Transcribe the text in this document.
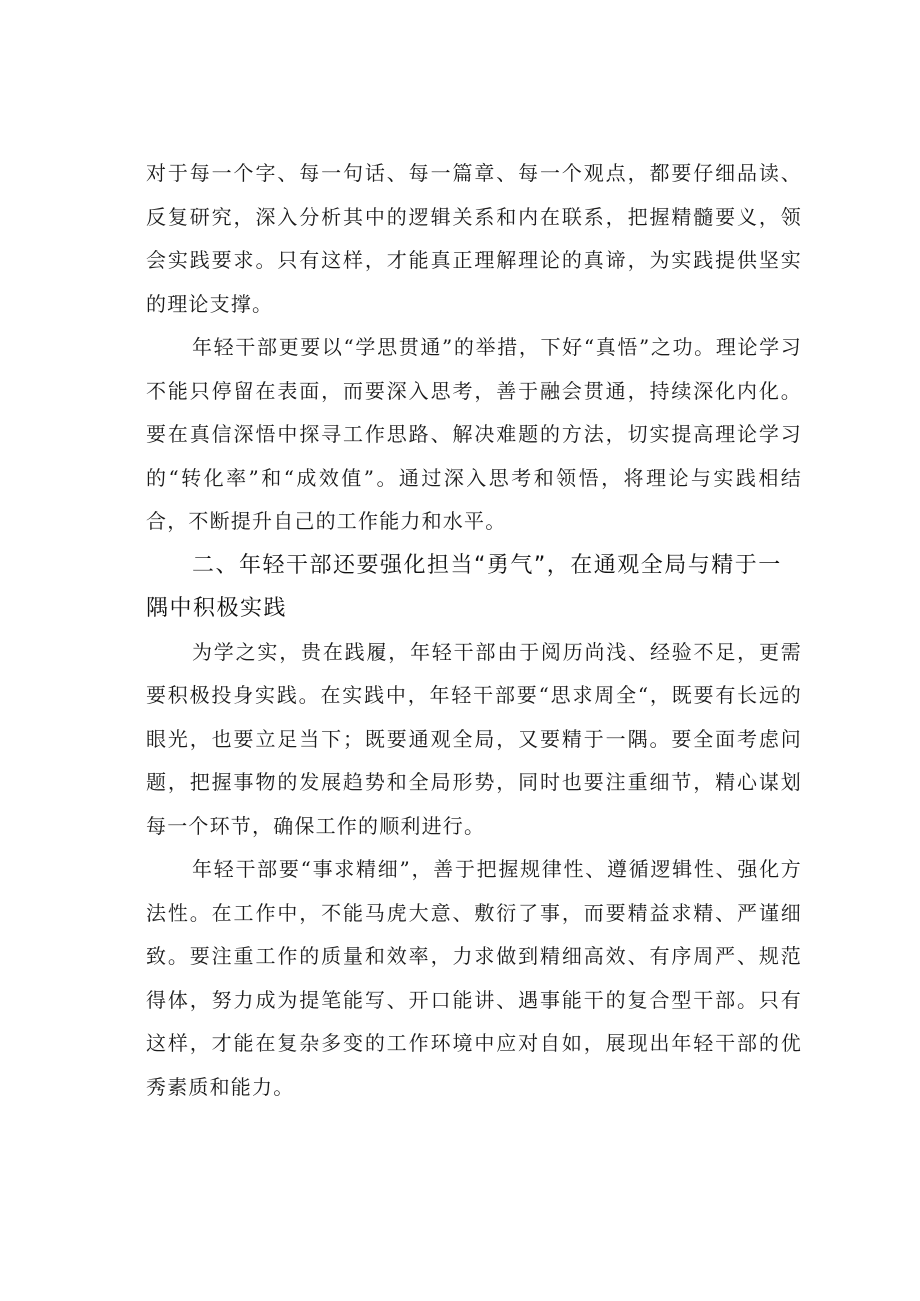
对于每一个字、每一句话、每一篇章、每一个观点，都要仔细品读、反复研究，深入分析其中的逻辑关系和内在联系，把握精髓要义，领会实践要求。只有这样，才能真正理解理论的真谛，为实践提供坚实的理论支撑。

年轻干部更要以“学思贯通”的举措，下好“真悟”之功。理论学习不能只停留在表面，而要深入思考，善于融会贯通，持续深化内化。要在真信深悟中探寻工作思路、解决难题的方法，切实提高理论学习的“转化率”和“成效值”。通过深入思考和领悟，将理论与实践相结合，不断提升自己的工作能力和水平。

二、年轻干部还要强化担当“勇气”，在通观全局与精于一隅中积极实践

为学之实，贵在践履，年轻干部由于阅历尚浅、经验不足，更需要积极投身实践。在实践中，年轻干部要“思求周全“，既要有长远的眼光，也要立足当下；既要通观全局，又要精于一隅。要全面考虑问题，把握事物的发展趋势和全局形势，同时也要注重细节，精心谋划每一个环节，确保工作的顺利进行。

年轻干部要“事求精细”，善于把握规律性、遵循逻辑性、强化方法性。在工作中，不能马虎大意、敷衍了事，而要精益求精、严谨细致。要注重工作的质量和效率，力求做到精细高效、有序周严、规范得体，努力成为提笔能写、开口能讲、遇事能干的复合型干部。只有这样，才能在复杂多变的工作环境中应对自如，展现出年轻干部的优秀素质和能力。
